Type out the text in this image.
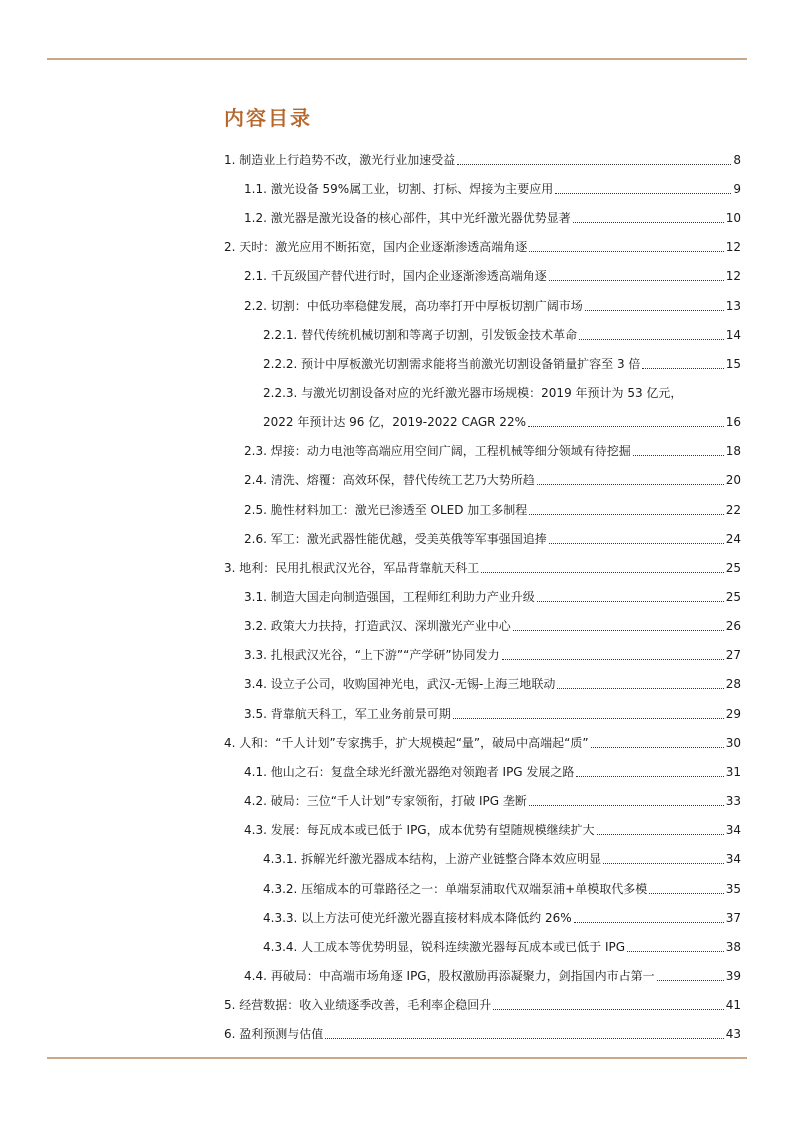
内容目录
1. 制造业上行趋势不改，激光行业加速受益	8
1.1. 激光设备 59%属工业，切割、打标、焊接为主要应用	9
1.2. 激光器是激光设备的核心部件，其中光纤激光器优势显著	10
2. 天时：激光应用不断拓宽，国内企业逐渐渗透高端角逐	12
2.1. 千瓦级国产替代进行时，国内企业逐渐渗透高端角逐	12
2.2. 切割：中低功率稳健发展，高功率打开中厚板切割广阔市场	13
2.2.1. 替代传统机械切割和等离子切割，引发钣金技术革命	14
2.2.2. 预计中厚板激光切割需求能将当前激光切割设备销量扩容至 3 倍	15
2.2.3. 与激光切割设备对应的光纤激光器市场规模：2019 年预计为 53 亿元，
2022 年预计达 96 亿，2019-2022 CAGR 22%	16
2.3. 焊接：动力电池等高端应用空间广阔，工程机械等细分领域有待挖掘	18
2.4. 清洗、熔覆：高效环保，替代传统工艺乃大势所趋	20
2.5. 脆性材料加工：激光已渗透至 OLED 加工多制程	22
2.6. 军工：激光武器性能优越，受美英俄等军事强国追捧	24
3. 地利：民用扎根武汉光谷，军品背靠航天科工	25
3.1. 制造大国走向制造强国，工程师红利助力产业升级	25
3.2. 政策大力扶持，打造武汉、深圳激光产业中心	26
3.3. 扎根武汉光谷，“上下游”“产学研”协同发力	27
3.4. 设立子公司，收购国神光电，武汉-无锡-上海三地联动	28
3.5. 背靠航天科工，军工业务前景可期	29
4. 人和：“千人计划”专家携手，扩大规模起“量”，破局中高端起“质”	30
4.1. 他山之石：复盘全球光纤激光器绝对领跑者 IPG 发展之路	31
4.2. 破局：三位“千人计划”专家领衔，打破 IPG 垄断	33
4.3. 发展：每瓦成本或已低于 IPG，成本优势有望随规模继续扩大	34
4.3.1. 拆解光纤激光器成本结构，上游产业链整合降本效应明显	34
4.3.2. 压缩成本的可靠路径之一：单端泵浦取代双端泵浦+单模取代多模	35
4.3.3. 以上方法可使光纤激光器直接材料成本降低约 26%	37
4.3.4. 人工成本等优势明显，锐科连续激光器每瓦成本或已低于 IPG	38
4.4. 再破局：中高端市场角逐 IPG，股权激励再添凝聚力，剑指国内市占第一	39
5. 经营数据：收入业绩逐季改善，毛利率企稳回升	41
6. 盈利预测与估值	43
